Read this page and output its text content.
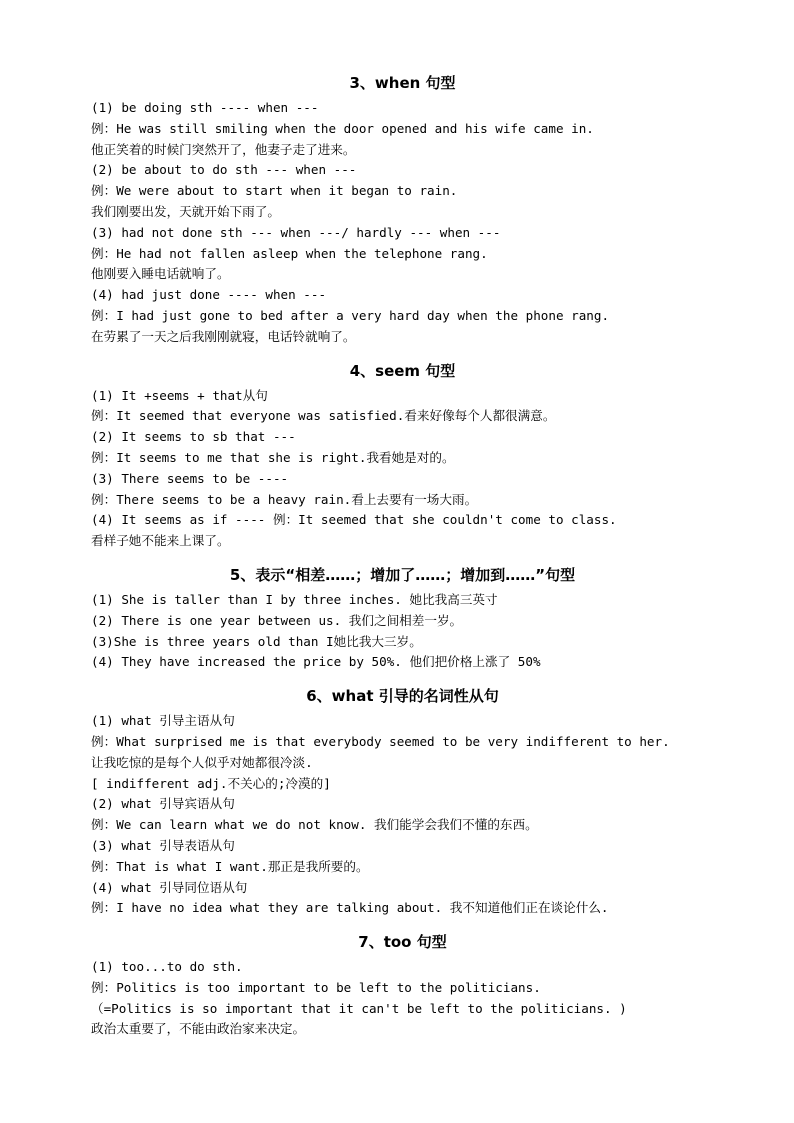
3、when 句型
(1) be doing sth ---- when ---
例：He was still smiling when the door opened and his wife came in.
他正笑着的时候门突然开了，他妻子走了进来。
(2) be about to do sth --- when ---
例：We were about to start when it began to rain.
我们刚要出发，天就开始下雨了。
(3) had not done sth --- when ---/ hardly --- when ---
例：He had not fallen asleep when the telephone rang.
他刚要入睡电话就响了。
(4) had just done ---- when ---
例：I had just gone to bed after a very hard day when the phone rang.
在劳累了一天之后我刚刚就寝，电话铃就响了。
4、seem 句型
(1) It +seems + that从句
例：It seemed that everyone was satisfied.看来好像每个人都很满意。
(2) It seems to sb that ---
例：It seems to me that she is right.我看她是对的。
(3) There seems to be ----
例：There seems to be a heavy rain.看上去要有一场大雨。
(4) It seems as if ---- 例：It seemed that she couldn't come to class.
看样子她不能来上课了。
5、表示“相差……；增加了……；增加到……”句型
(1) She is taller than I by three inches. 她比我高三英寸
(2) There is one year between us. 我们之间相差一岁。
(3)She is three years old than I她比我大三岁。
(4) They have increased the price by 50%. 他们把价格上涨了 50%
6、what 引导的名词性从句
(1) what 引导主语从句
例：What surprised me is that everybody seemed to be very indifferent to her.
让我吃惊的是每个人似乎对她都很冷淡.
[ indifferent adj.不关心的;冷漠的]
(2) what 引导宾语从句
例：We can learn what we do not know. 我们能学会我们不懂的东西。
(3) what 引导表语从句
例：That is what I want.那正是我所要的。
(4) what 引导同位语从句
例：I have no idea what they are talking about. 我不知道他们正在谈论什么.
7、too 句型
(1) too...to do sth.
例：Politics is too important to be left to the politicians.
（=Politics is so important that it can't be left to the politicians. )
政治太重要了，不能由政治家来决定。
